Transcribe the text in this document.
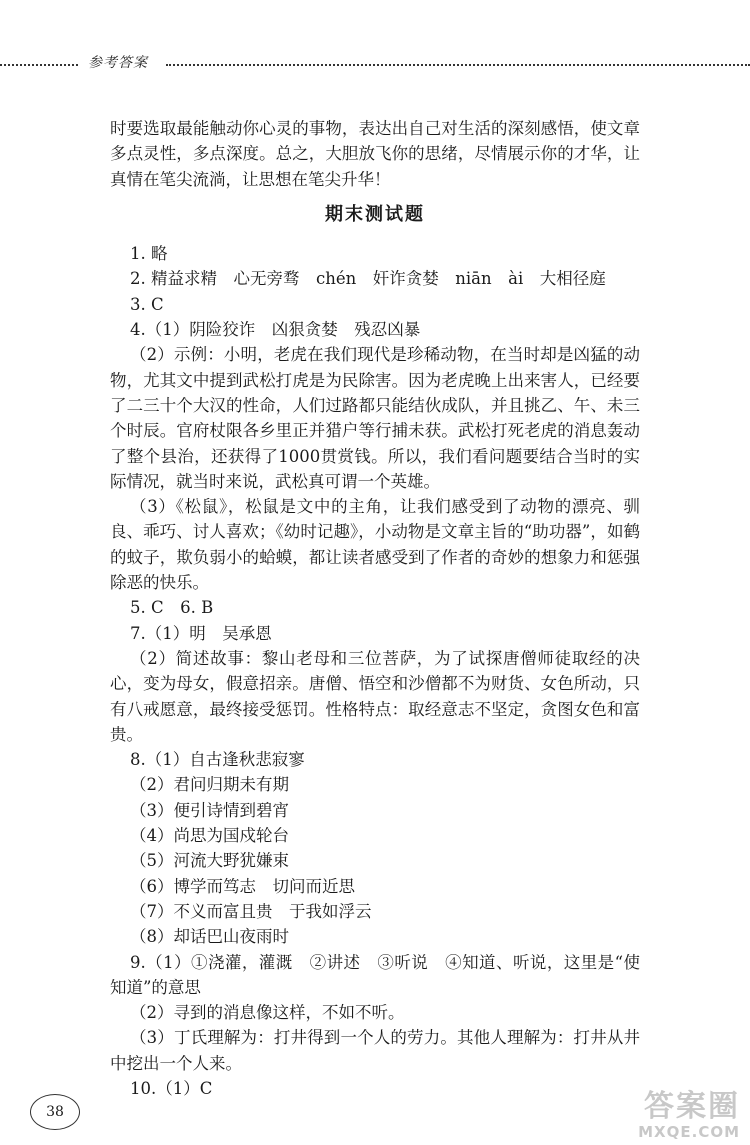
参考答案

时要选取最能触动你心灵的事物，表达出自己对生活的深刻感悟，使文章多点灵性，多点深度。总之，大胆放飞你的思绪，尽情展示你的才华，让真情在笔尖流淌，让思想在笔尖升华！

期末测试题

1. 略

2. 精益求精　心无旁骛　chén　奸诈贪婪　niān　ài　大相径庭

3. C

4.（1）阴险狡诈　凶狠贪婪　残忍凶暴

（2）示例：小明，老虎在我们现代是珍稀动物，在当时却是凶猛的动物，尤其文中提到武松打虎是为民除害。因为老虎晚上出来害人，已经要了二三十个大汉的性命，人们过路都只能结伙成队，并且挑乙、午、未三个时辰。官府杖限各乡里正并猎户等行捕未获。武松打死老虎的消息轰动了整个县治，还获得了1000贯赏钱。所以，我们看问题要结合当时的实际情况，就当时来说，武松真可谓一个英雄。

（3）《松鼠》，松鼠是文中的主角，让我们感受到了动物的漂亮、驯良、乖巧、讨人喜欢；《幼时记趣》，小动物是文章主旨的“助功器”，如鹤的蚊子，欺负弱小的蛤蟆，都让读者感受到了作者的奇妙的想象力和惩强除恶的快乐。

5. C　6. B

7.（1）明　吴承恩

（2）简述故事：黎山老母和三位菩萨，为了试探唐僧师徒取经的决心，变为母女，假意招亲。唐僧、悟空和沙僧都不为财货、女色所动，只有八戒愿意，最终接受惩罚。性格特点：取经意志不坚定，贪图女色和富贵。

8.（1）自古逢秋悲寂寥

（2）君问归期未有期

（3）便引诗情到碧宵

（4）尚思为国戍轮台

（5）河流大野犹嫌束

（6）博学而笃志　切问而近思

（7）不义而富且贵　于我如浮云

（8）却话巴山夜雨时

9.（1）①浇灌，灌溉　②讲述　③听说　④知道、听说，这里是“使知道”的意思

（2）寻到的消息像这样，不如不听。

（3）丁氏理解为：打井得到一个人的劳力。其他人理解为：打井从井中挖出一个人来。

10.（1）C

38	答案圈
MXQE.COM
